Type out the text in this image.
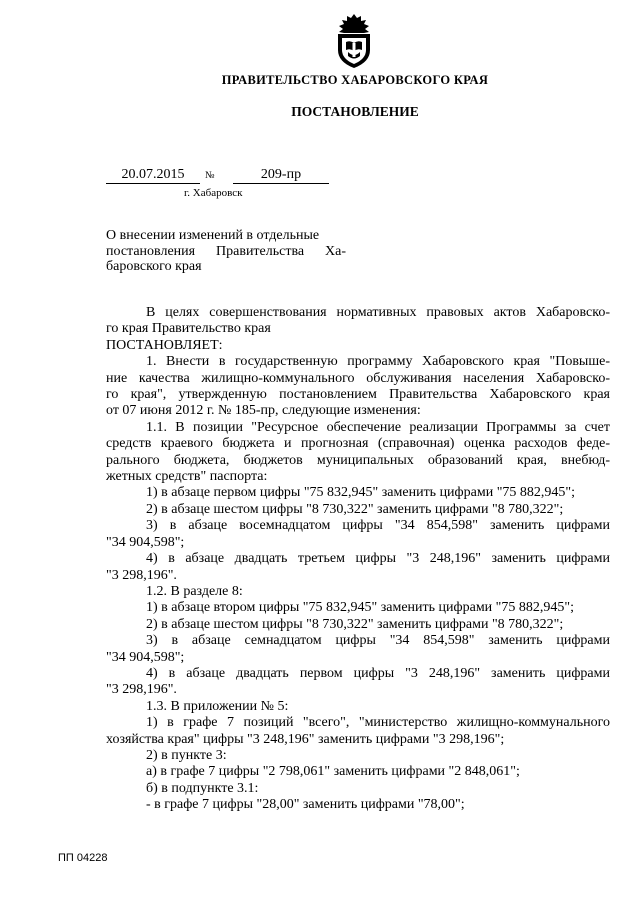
ПРАВИТЕЛЬСТВО ХАБАРОВСКОГО КРАЯ
ПОСТАНОВЛЕНИЕ
20.07.2015	№	209-пр
г. Хабаровск
О внесении изменений в отдельные
постановления Правительства Ха-
баровского края

В целях совершенствования нормативных правовых актов Хабаровско-

го края Правительство края

ПОСТАНОВЛЯЕТ:

1. Внести в государственную программу Хабаровского края "Повыше-

ние качества жилищно-коммунального обслуживания населения Хабаровско-

го края", утвержденную постановлением Правительства Хабаровского края

от 07 июня 2012 г. № 185-пр, следующие изменения:

1.1. В позиции "Ресурсное обеспечение реализации Программы за счет

средств краевого бюджета и прогнозная (справочная) оценка расходов феде-

рального бюджета, бюджетов муниципальных образований края, внебюд-

жетных средств" паспорта:

1) в абзаце первом цифры "75 832,945" заменить цифрами "75 882,945";

2) в абзаце шестом цифры "8 730,322" заменить цифрами "8 780,322";

3) в абзаце восемнадцатом цифры "34 854,598" заменить цифрами

"34 904,598";

4) в абзаце двадцать третьем цифры "3 248,196" заменить цифрами

"3 298,196".

1.2. В разделе 8:

1) в абзаце втором цифры "75 832,945" заменить цифрами "75 882,945";

2) в абзаце шестом цифры "8 730,322" заменить цифрами "8 780,322";

3) в абзаце семнадцатом цифры "34 854,598" заменить цифрами

"34 904,598";

4) в абзаце двадцать первом цифры "3 248,196" заменить цифрами

"3 298,196".

1.3. В приложении № 5:

1) в графе 7 позиций "всего", "министерство жилищно-коммунального

хозяйства края" цифры "3 248,196" заменить цифрами "3 298,196";

2) в пункте 3:

а) в графе 7 цифры "2 798,061" заменить цифрами "2 848,061";

б) в подпункте 3.1:

- в графе 7 цифры "28,00" заменить цифрами "78,00";

ПП 04228
